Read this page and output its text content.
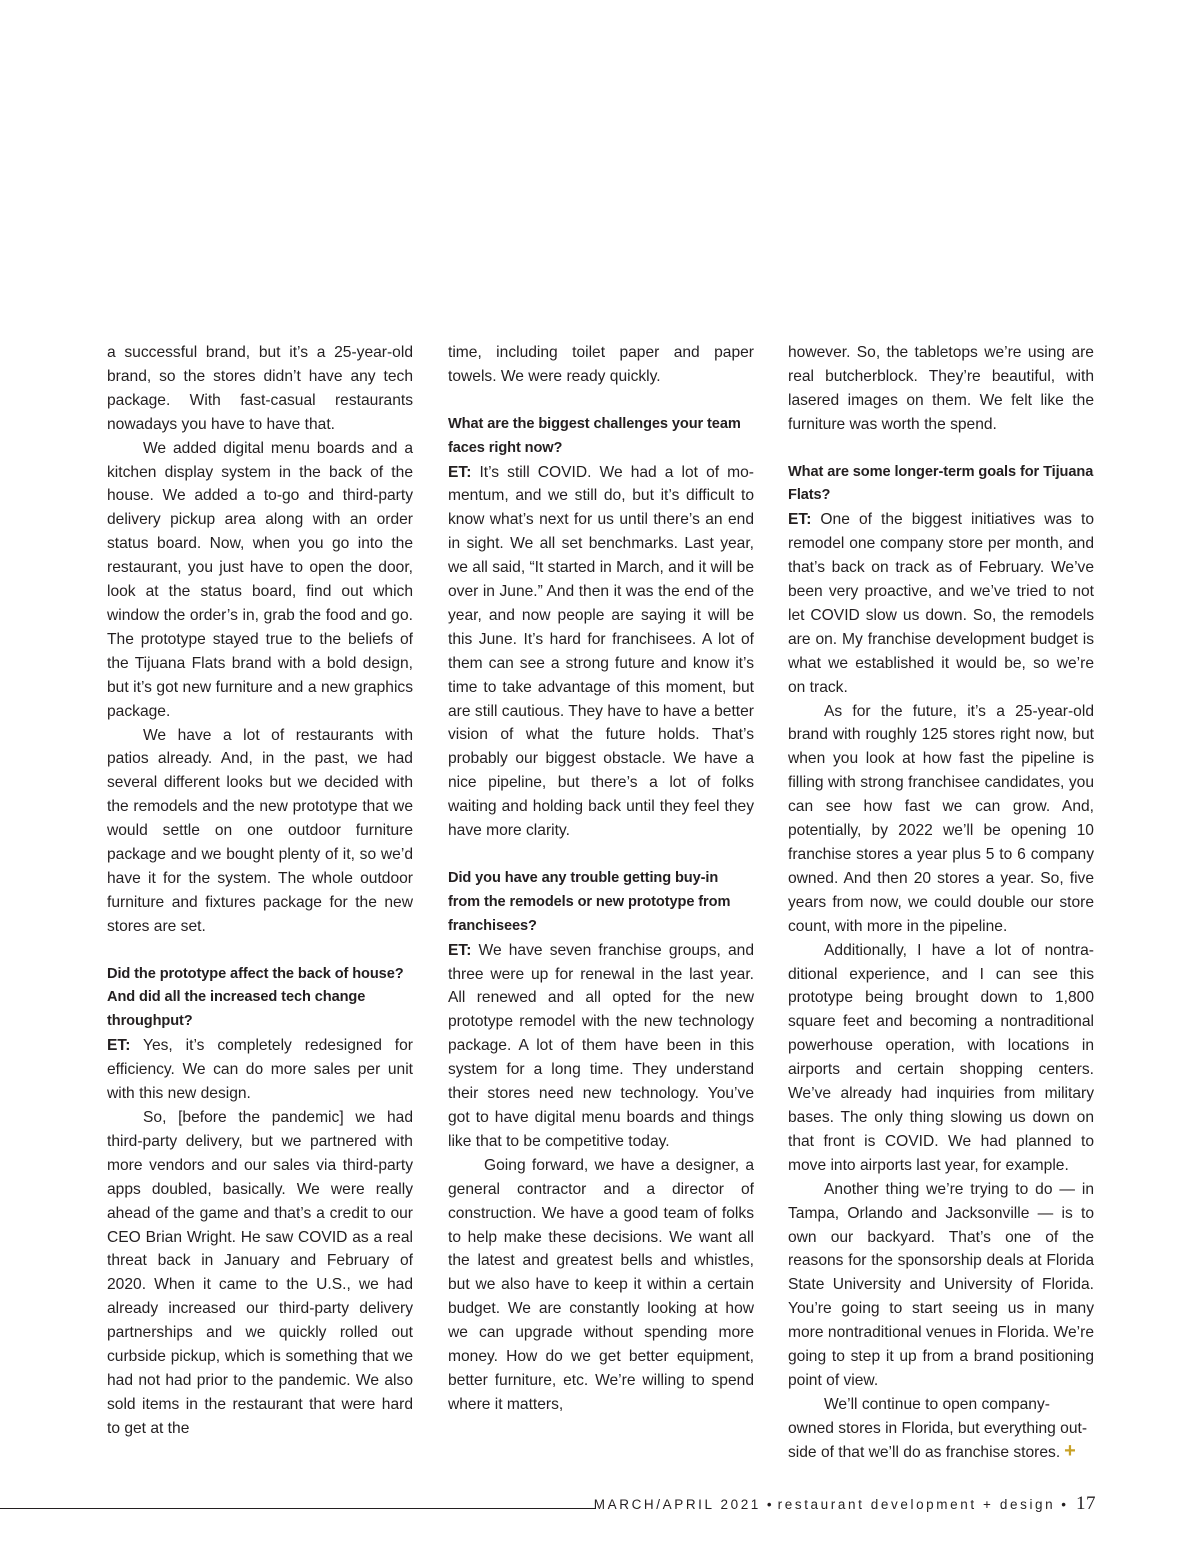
a successful brand, but it’s a 25-year-old brand, so the stores didn’t have any tech package. With fast-casual restaurants nowadays you have to have that.

We added digital menu boards and a kitchen display system in the back of the house. We added a to-go and third-party delivery pickup area along with an order status board. Now, when you go into the restaurant, you just have to open the door, look at the status board, find out which window the order’s in, grab the food and go. The prototype stayed true to the beliefs of the Tijuana Flats brand with a bold design, but it’s got new furniture and a new graphics package.

We have a lot of restaurants with patios already. And, in the past, we had several different looks but we decided with the remodels and the new prototype that we would settle on one outdoor furniture package and we bought plenty of it, so we’d have it for the system. The whole outdoor furniture and fixtures package for the new stores are set.

Did the prototype affect the back of house? And did all the increased tech change throughput?

ET: Yes, it’s completely redesigned for efficiency. We can do more sales per unit with this new design.

So, [before the pandemic] we had third-party delivery, but we partnered with more vendors and our sales via third-party apps doubled, basically. We were really ahead of the game and that’s a credit to our CEO Brian Wright. He saw COVID as a real threat back in January and February of 2020. When it came to the U.S., we had already increased our third-party delivery partnerships and we quickly rolled out curbside pickup, which is something that we had not had prior to the pandemic. We also sold items in the restaurant that were hard to get at the

time, including toilet paper and paper towels. We were ready quickly.

What are the biggest challenges your team faces right now?

ET: It’s still COVID. We had a lot of momentum, and we still do, but it’s difficult to know what’s next for us until there’s an end in sight. We all set benchmarks. Last year, we all said, “It started in March, and it will be over in June.” And then it was the end of the year, and now people are saying it will be this June. It’s hard for franchisees. A lot of them can see a strong future and know it’s time to take advantage of this moment, but are still cautious. They have to have a better vision of what the future holds. That’s probably our biggest obstacle. We have a nice pipeline, but there’s a lot of folks waiting and holding back until they feel they have more clarity.

Did you have any trouble getting buy-in from the remodels or new prototype from franchisees?

ET: We have seven franchise groups, and three were up for renewal in the last year. All renewed and all opted for the new prototype remodel with the new technology package. A lot of them have been in this system for a long time. They understand their stores need new technology. You’ve got to have digital menu boards and things like that to be competitive today.

Going forward, we have a designer, a general contractor and a director of construction. We have a good team of folks to help make these decisions. We want all the latest and greatest bells and whistles, but we also have to keep it within a certain budget. We are constantly looking at how we can upgrade without spending more money. How do we get better equipment, better furniture, etc. We’re willing to spend where it matters,

however. So, the tabletops we’re using are real butcherblock. They’re beautiful, with lasered images on them. We felt like the furniture was worth the spend.

What are some longer-term goals for Tijuana Flats?

ET: One of the biggest initiatives was to remodel one company store per month, and that’s back on track as of February. We’ve been very proactive, and we’ve tried to not let COVID slow us down. So, the remodels are on. My franchise development budget is what we established it would be, so we’re on track.

As for the future, it’s a 25-year-old brand with roughly 125 stores right now, but when you look at how fast the pipeline is filling with strong franchisee candidates, you can see how fast we can grow. And, potentially, by 2022 we’ll be opening 10 franchise stores a year plus 5 to 6 company owned. And then 20 stores a year. So, five years from now, we could double our store count, with more in the pipeline.

Additionally, I have a lot of nontraditional experience, and I can see this prototype being brought down to 1,800 square feet and becoming a nontraditional powerhouse operation, with locations in airports and certain shopping centers. We’ve already had inquiries from military bases. The only thing slowing us down on that front is COVID. We had planned to move into airports last year, for example.

Another thing we’re trying to do — in Tampa, Orlando and Jacksonville — is to own our backyard. That’s one of the reasons for the sponsorship deals at Florida State University and University of Florida. You’re going to start seeing us in many more nontraditional venues in Florida. We’re going to step it up from a brand positioning point of view.

We’ll continue to open company-owned stores in Florida, but everything outside of that we’ll do as franchise stores. +

MARCH/APRIL 2021 • restaurant development + design • 17
